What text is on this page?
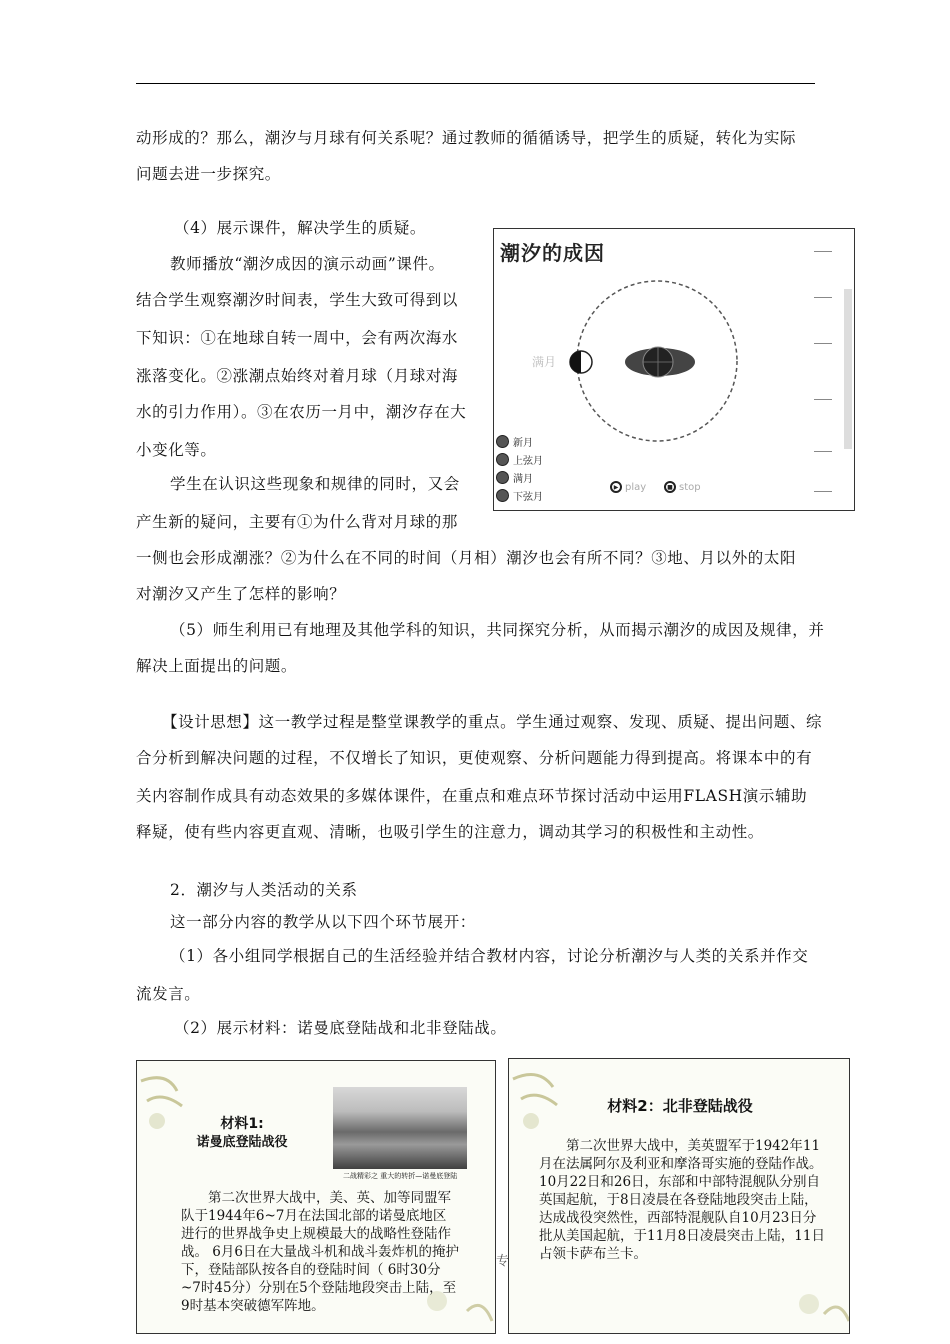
动形成的？那么，潮汐与月球有何关系呢？通过教师的循循诱导，把学生的质疑，转化为实际
问题去进一步探究。
（4）展示课件，解决学生的质疑。
教师播放“潮汐成因的演示动画”课件。
结合学生观察潮汐时间表，学生大致可得到以
下知识：①在地球自转一周中，会有两次海水
涨落变化。②涨潮点始终对着月球（月球对海
水的引力作用）。③在农历一月中，潮汐存在大
小变化等。
学生在认识这些现象和规律的同时，又会
产生新的疑问，主要有①为什么背对月球的那
一侧也会形成潮涨？②为什么在不同的时间（月相）潮汐也会有所不同？③地、月以外的太阳
对潮汐又产生了怎样的影响？
（5）师生利用已有地理及其他学科的知识，共同探究分析，从而揭示潮汐的成因及规律，并
解决上面提出的问题。
【设计思想】这一教学过程是整堂课教学的重点。学生通过观察、发现、质疑、提出问题、综
合分析到解决问题的过程，不仅增长了知识，更使观察、分析问题能力得到提高。将课本中的有
关内容制作成具有动态效果的多媒体课件，在重点和难点环节探讨活动中运用FLASH演示辅助
释疑，使有些内容更直观、清晰，也吸引学生的注意力，调动其学习的积极性和主动性。
2．潮汐与人类活动的关系
这一部分内容的教学从以下四个环节展开：
（1）各小组同学根据自己的生活经验并结合教材内容，讨论分析潮汐与人类的关系并作交
流发言。
（2）展示材料：诺曼底登陆战和北非登陆战。
潮汐的成因
满月
新月
上弦月
满月
下弦月
▶ play	■ stop
材料1:
诺曼底登陆战役
二战精彩之 重大的转折—诺曼底登陆
　　第二次世界大战中，美、英、加等同盟军队于1944年6~7月在法国北部的诺曼底地区进行的世界战争史上规模最大的战略性登陆作战。 6月6日在大量战斗机和战斗轰炸机的掩护下，登陆部队按各自的登陆时间（ 6时30分~7时45分）分别在5个登陆地段突击上陆，至9时基本突破德军阵地。
材料2：北非登陆战役
　　第二次世界大战中，美英盟军于1942年11月在法属阿尔及利亚和摩洛哥实施的登陆作战。 10月22日和26日，东部和中部特混舰队分别自英国起航，于8日凌晨在各登陆地段突击上陆，达成战役突然性，西部特混舰队自10月23日分批从美国起航，于11月8日凌晨突击上陆，11日占领卡萨布兰卡。
专
